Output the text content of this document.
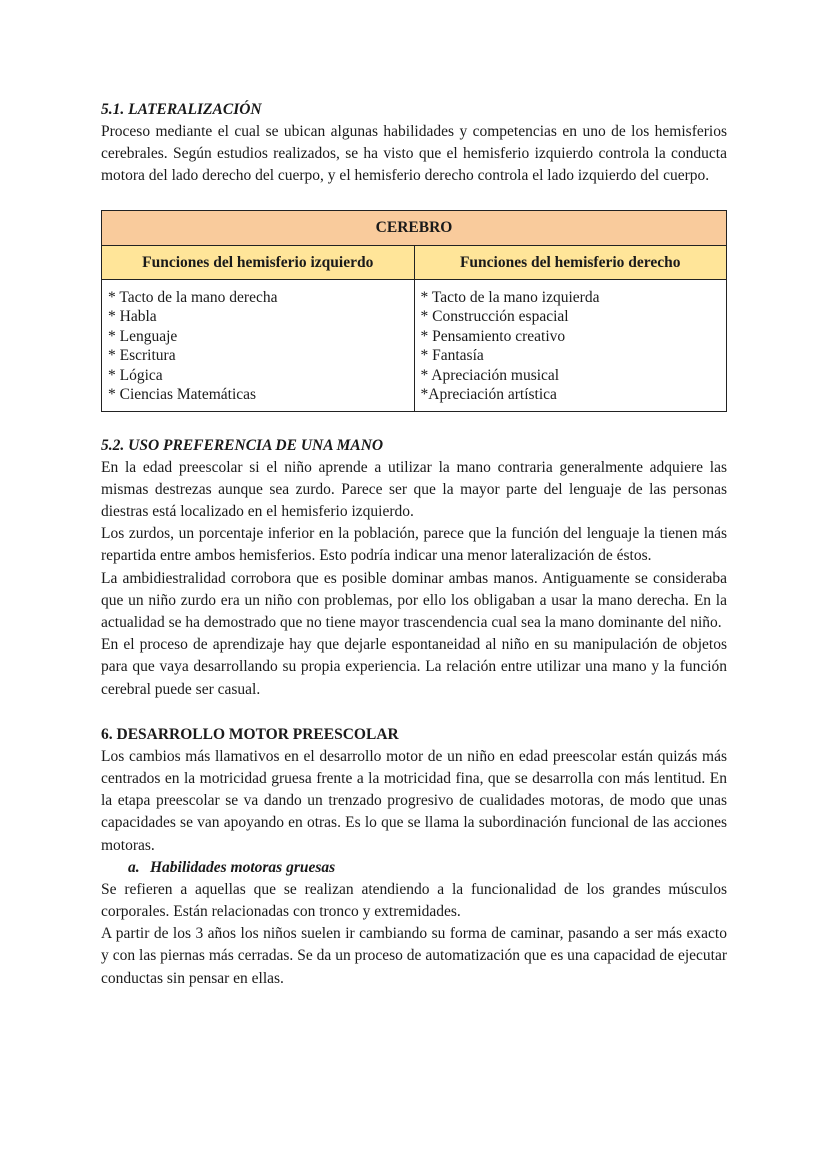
5.1. LATERALIZACIÓN

Proceso mediante el cual se ubican algunas habilidades y competencias en uno de los hemisferios cerebrales. Según estudios realizados, se ha visto que el hemisferio izquierdo controla la conducta motora del lado derecho del cuerpo, y el hemisferio derecho controla el lado izquierdo del cuerpo.

CEREBRO
Funciones del hemisferio izquierdo	Funciones del hemisferio derecho
* Tacto de la mano derecha
* Habla
* Lenguaje
* Escritura
* Lógica
* Ciencias Matemáticas
* Tacto de la mano izquierda
* Construcción espacial
* Pensamiento creativo
* Fantasía
* Apreciación musical
*Apreciación artística
5.2. USO PREFERENCIA DE UNA MANO

En la edad preescolar si el niño aprende a utilizar la mano contraria generalmente adquiere las mismas destrezas aunque sea zurdo. Parece ser que la mayor parte del lenguaje de las personas diestras está localizado en el hemisferio izquierdo.

Los zurdos, un porcentaje inferior en la población, parece que la función del lenguaje la tienen más repartida entre ambos hemisferios. Esto podría indicar una menor lateralización de éstos.

La ambidiestralidad corrobora que es posible dominar ambas manos. Antiguamente se consideraba que un niño zurdo era un niño con problemas, por ello los obligaban a usar la mano derecha. En la actualidad se ha demostrado que no tiene mayor trascendencia cual sea la mano dominante del niño.

En el proceso de aprendizaje hay que dejarle espontaneidad al niño en su manipulación de objetos para que vaya desarrollando su propia experiencia. La relación entre utilizar una mano y la función cerebral puede ser casual.

6. DESARROLLO MOTOR PREESCOLAR

Los cambios más llamativos en el desarrollo motor de un niño en edad preescolar están quizás más centrados en la motricidad gruesa frente a la motricidad fina, que se desarrolla con más lentitud. En la etapa preescolar se va dando un trenzado progresivo de cualidades motoras, de modo que unas capacidades se van apoyando en otras. Es lo que se llama la subordinación funcional de las acciones motoras.

a. Habilidades motoras gruesas

Se refieren a aquellas que se realizan atendiendo a la funcionalidad de los grandes músculos corporales. Están relacionadas con tronco y extremidades.

A partir de los 3 años los niños suelen ir cambiando su forma de caminar, pasando a ser más exacto y con las piernas más cerradas. Se da un proceso de automatización que es una capacidad de ejecutar conductas sin pensar en ellas.
